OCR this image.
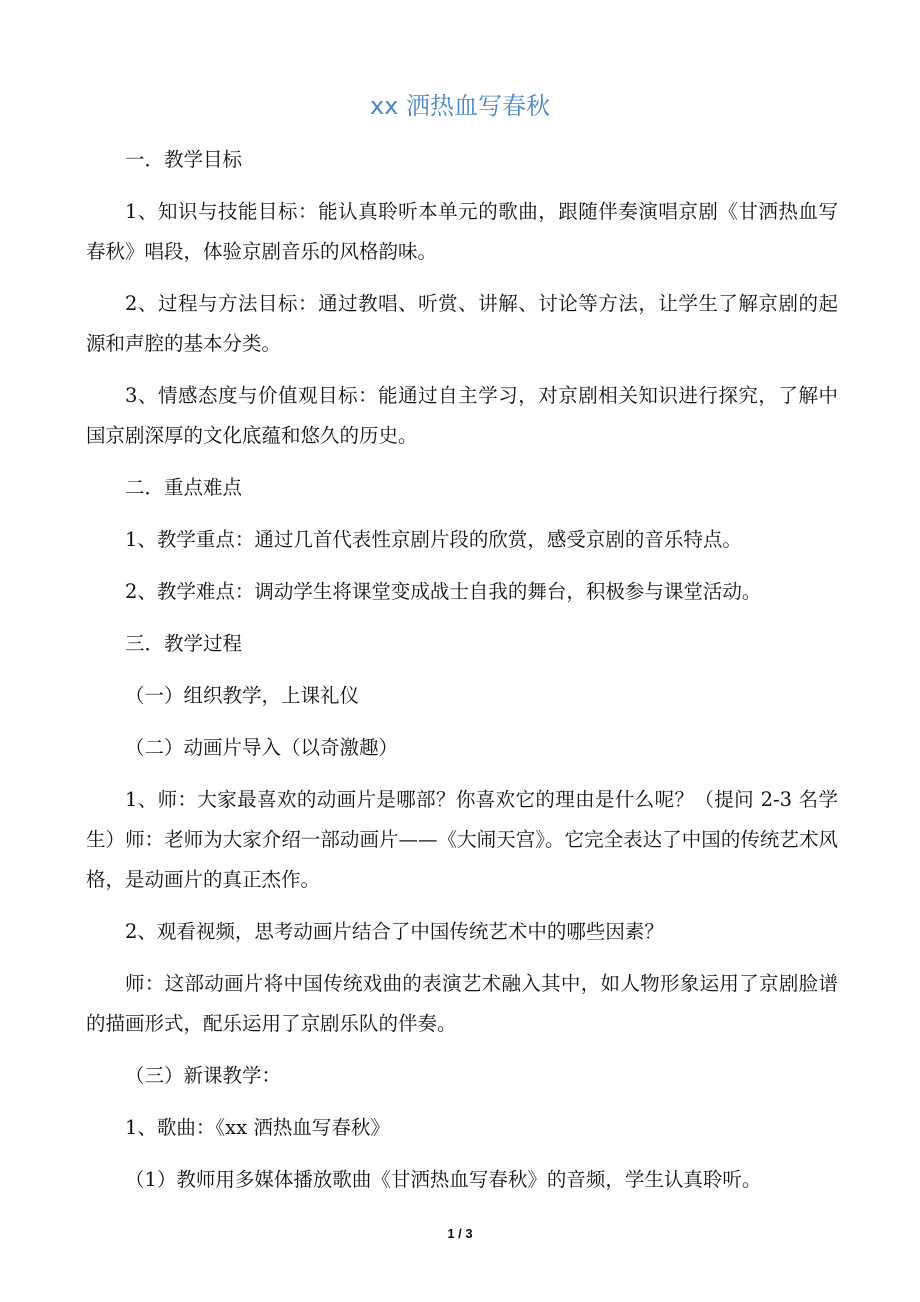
xx 洒热血写春秋

一．教学目标

1、知识与技能目标：能认真聆听本单元的歌曲，跟随伴奏演唱京剧《甘洒热血写春秋》唱段，体验京剧音乐的风格韵味。

2、过程与方法目标：通过教唱、听赏、讲解、讨论等方法，让学生了解京剧的起源和声腔的基本分类。

3、情感态度与价值观目标：能通过自主学习，对京剧相关知识进行探究，了解中国京剧深厚的文化底蕴和悠久的历史。

二．重点难点

1、教学重点：通过几首代表性京剧片段的欣赏，感受京剧的音乐特点。

2、教学难点：调动学生将课堂变成战士自我的舞台，积极参与课堂活动。

三．教学过程

（一）组织教学，上课礼仪

（二）动画片导入（以奇激趣）

1、师：大家最喜欢的动画片是哪部？你喜欢它的理由是什么呢？（提问 2-3 名学生）师：老师为大家介绍一部动画片——《大闹天宫》。它完全表达了中国的传统艺术风格，是动画片的真正杰作。

2、观看视频，思考动画片结合了中国传统艺术中的哪些因素？

师：这部动画片将中国传统戏曲的表演艺术融入其中，如人物形象运用了京剧脸谱的描画形式，配乐运用了京剧乐队的伴奏。

（三）新课教学：

1、歌曲：《xx 洒热血写春秋》

（1）教师用多媒体播放歌曲《甘洒热血写春秋》的音频，学生认真聆听。

1 / 3
